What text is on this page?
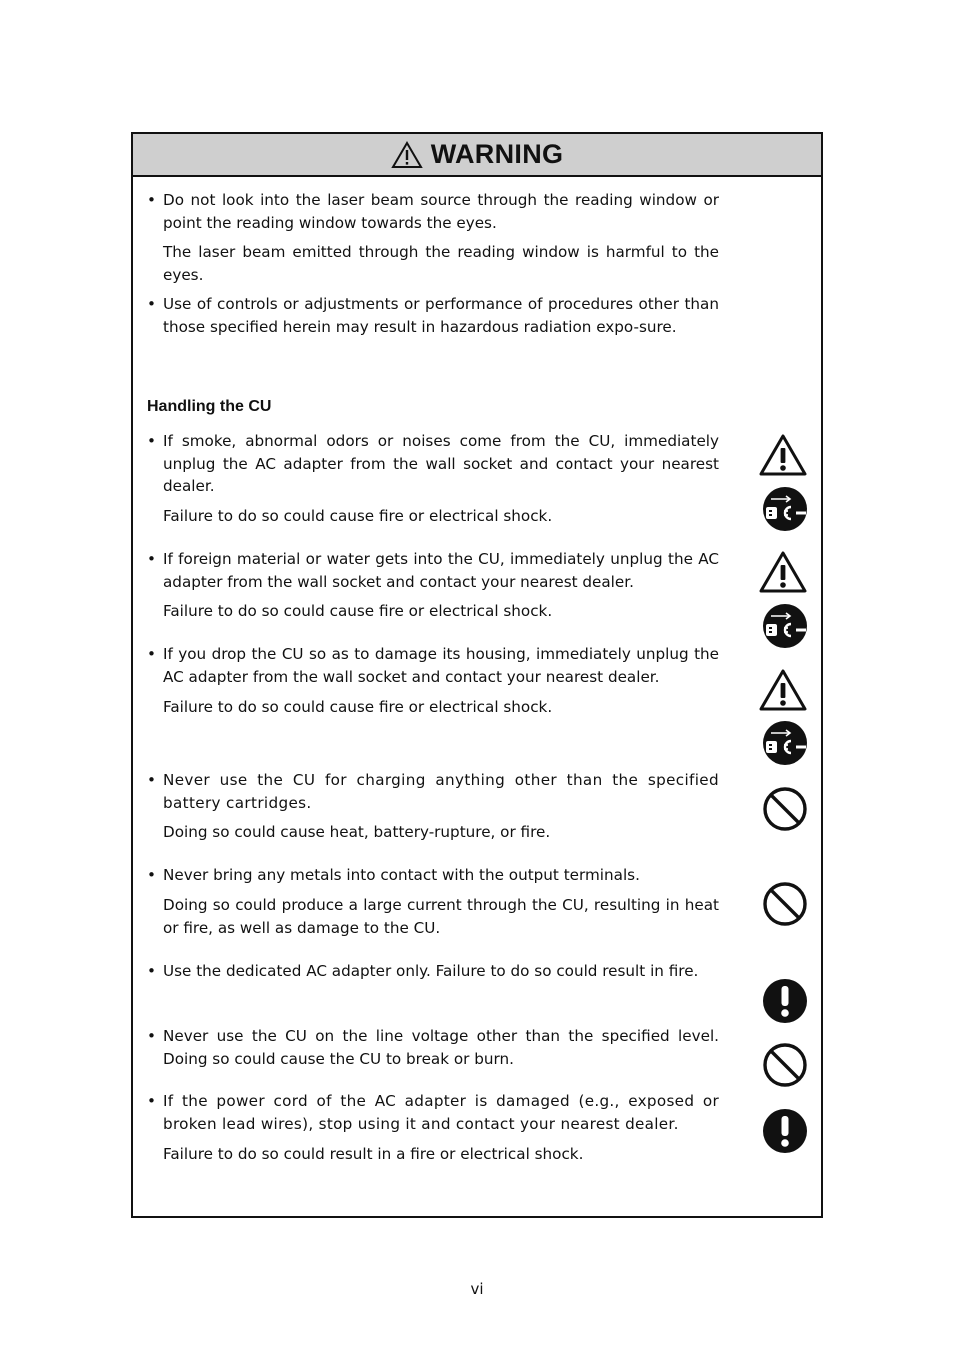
WARNING
• Do not look into the laser beam source through the reading window or point the reading window towards the eyes.
The laser beam emitted through the reading window is harmful to the eyes.
• Use of controls or adjustments or performance of procedures other than those specified herein may result in hazardous radiation expo-sure.
Handling the CU
• If smoke, abnormal odors or noises come from the CU, immediately unplug the AC adapter from the wall socket and contact your nearest dealer.
Failure to do so could cause fire or electrical shock.
• If foreign material or water gets into the CU, immediately unplug the AC adapter from the wall socket and contact your nearest dealer.
Failure to do so could cause fire or electrical shock.
• If you drop the CU so as to damage its housing, immediately unplug the AC adapter from the wall socket and contact your nearest dealer.
Failure to do so could cause fire or electrical shock.
• Never use the CU for charging anything other than the specified battery cartridges.
Doing so could cause heat, battery-rupture, or fire.
• Never bring any metals into contact with the output terminals.
Doing so could produce a large current through the CU, resulting in heat or fire, as well as damage to the CU.
• Use the dedicated AC adapter only. Failure to do so could result in fire.
• Never use the CU on the line voltage other than the specified level. Doing so could cause the CU to break or burn.
• If the power cord of the AC adapter is damaged (e.g., exposed or broken lead wires), stop using it and contact your nearest dealer.
Failure to do so could result in a fire or electrical shock.
vi
